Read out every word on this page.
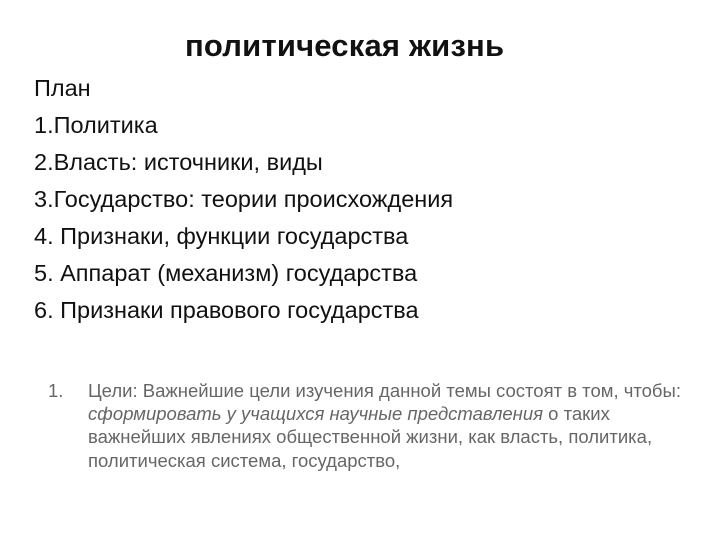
политическая жизнь
План
1.Политика
2.Власть: источники, виды
3.Государство: теории происхождения
4. Признаки, функции государства
5. Аппарат (механизм) государства
6. Признаки правового государства
1.	Цели: Важнейшие цели изучения данной темы состоят в том, чтобы: сформировать у учащихся научные представления о таких важнейших явлениях общественной жизни, как власть, политика, политическая система, государство,
